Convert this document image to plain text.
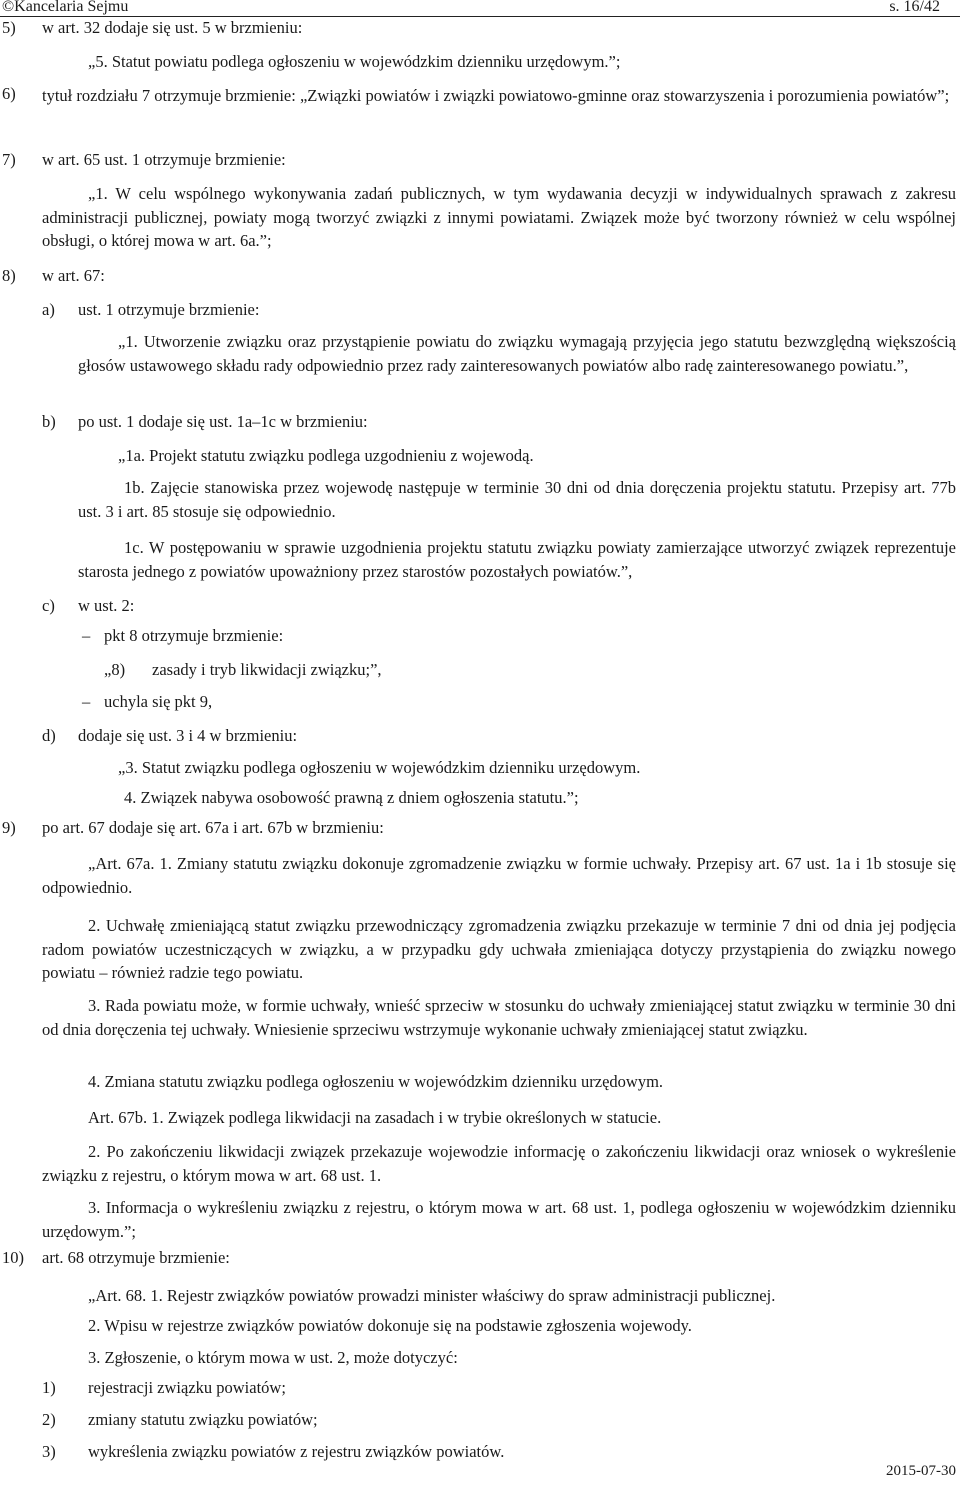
©Kancelaria Sejmu	s. 16/42
5) w art. 32 dodaje się ust. 5 w brzmieniu:

„5. Statut powiatu podlega ogłoszeniu w wojewódzkim dzienniku urzędowym.”;

6) tytuł rozdziału 7 otrzymuje brzmienie: „Związki powiatów i związki powiatowo-gminne oraz stowarzyszenia i porozumienia powiatów”;

7) w art. 65 ust. 1 otrzymuje brzmienie:

„1. W celu wspólnego wykonywania zadań publicznych, w tym wydawania decyzji w indywidualnych sprawach z zakresu administracji publicznej, powiaty mogą tworzyć związki z innymi powiatami. Związek może być tworzony również w celu wspólnej obsługi, o której mowa w art. 6a.”;

8) w art. 67:
a) ust. 1 otrzymuje brzmienie:

„1. Utworzenie związku oraz przystąpienie powiatu do związku wymagają przyjęcia jego statutu bezwzględną większością głosów ustawowego składu rady odpowiednio przez rady zainteresowanych powiatów albo radę zainteresowanego powiatu.”,

b) po ust. 1 dodaje się ust. 1a–1c w brzmieniu:

„1a. Projekt statutu związku podlega uzgodnieniu z wojewodą.

1b. Zajęcie stanowiska przez wojewodę następuje w terminie 30 dni od dnia doręczenia projektu statutu. Przepisy art. 77b ust. 3 i art. 85 stosuje się odpowiednio.

1c. W postępowaniu w sprawie uzgodnienia projektu statutu związku powiaty zamierzające utworzyć związek reprezentuje starosta jednego z powiatów upoważniony przez starostów pozostałych powiatów.”,

c) w ust. 2:
– pkt 8 otrzymuje brzmienie:
„8) zasady i tryb likwidacji związku;”,
– uchyla się pkt 9,
d) dodaje się ust. 3 i 4 w brzmieniu:

„3. Statut związku podlega ogłoszeniu w wojewódzkim dzienniku urzędowym.

4. Związek nabywa osobowość prawną z dniem ogłoszenia statutu.”;

9) po art. 67 dodaje się art. 67a i art. 67b w brzmieniu:

„Art. 67a. 1. Zmiany statutu związku dokonuje zgromadzenie związku w formie uchwały. Przepisy art. 67 ust. 1a i 1b stosuje się odpowiednio.

2. Uchwałę zmieniającą statut związku przewodniczący zgromadzenia związku przekazuje w terminie 7 dni od dnia jej podjęcia radom powiatów uczestniczących w związku, a w przypadku gdy uchwała zmieniająca dotyczy przystąpienia do związku nowego powiatu – również radzie tego powiatu.

3. Rada powiatu może, w formie uchwały, wnieść sprzeciw w stosunku do uchwały zmieniającej statut związku w terminie 30 dni od dnia doręczenia tej uchwały. Wniesienie sprzeciwu wstrzymuje wykonanie uchwały zmieniającej statut związku.

4. Zmiana statutu związku podlega ogłoszeniu w wojewódzkim dzienniku urzędowym.

Art. 67b. 1. Związek podlega likwidacji na zasadach i w trybie określonych w statucie.

2. Po zakończeniu likwidacji związek przekazuje wojewodzie informację o zakończeniu likwidacji oraz wniosek o wykreślenie związku z rejestru, o którym mowa w art. 68 ust. 1.

3. Informacja o wykreśleniu związku z rejestru, o którym mowa w art. 68 ust. 1, podlega ogłoszeniu w wojewódzkim dzienniku urzędowym.”;

10) art. 68 otrzymuje brzmienie:

„Art. 68. 1. Rejestr związków powiatów prowadzi minister właściwy do spraw administracji publicznej.

2. Wpisu w rejestrze związków powiatów dokonuje się na podstawie zgłoszenia wojewody.

3. Zgłoszenie, o którym mowa w ust. 2, może dotyczyć:

1) rejestracji związku powiatów;
2) zmiany statutu związku powiatów;
3) wykreślenia związku powiatów z rejestru związków powiatów.
2015-07-30
